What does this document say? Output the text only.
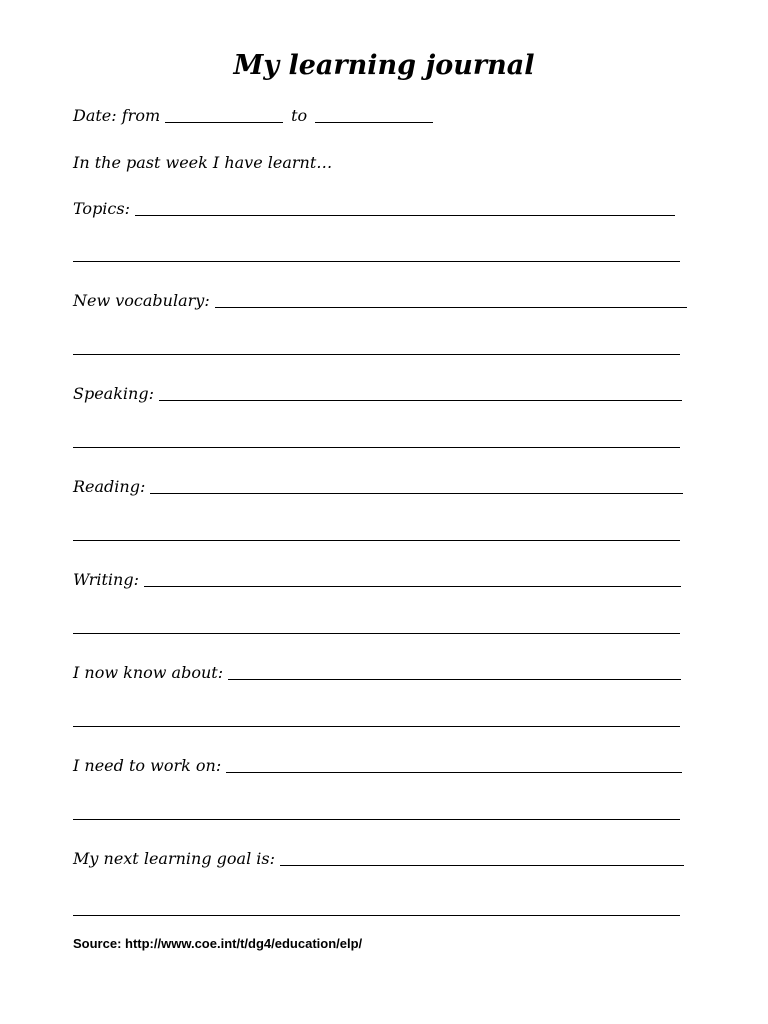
My learning journal
Date: from	to
In the past week I have learnt…
Topics:
New vocabulary:
Speaking:
Reading:
Writing:
I now know about:
I need to work on:
My next learning goal is:
Source: http://www.coe.int/t/dg4/education/elp/
